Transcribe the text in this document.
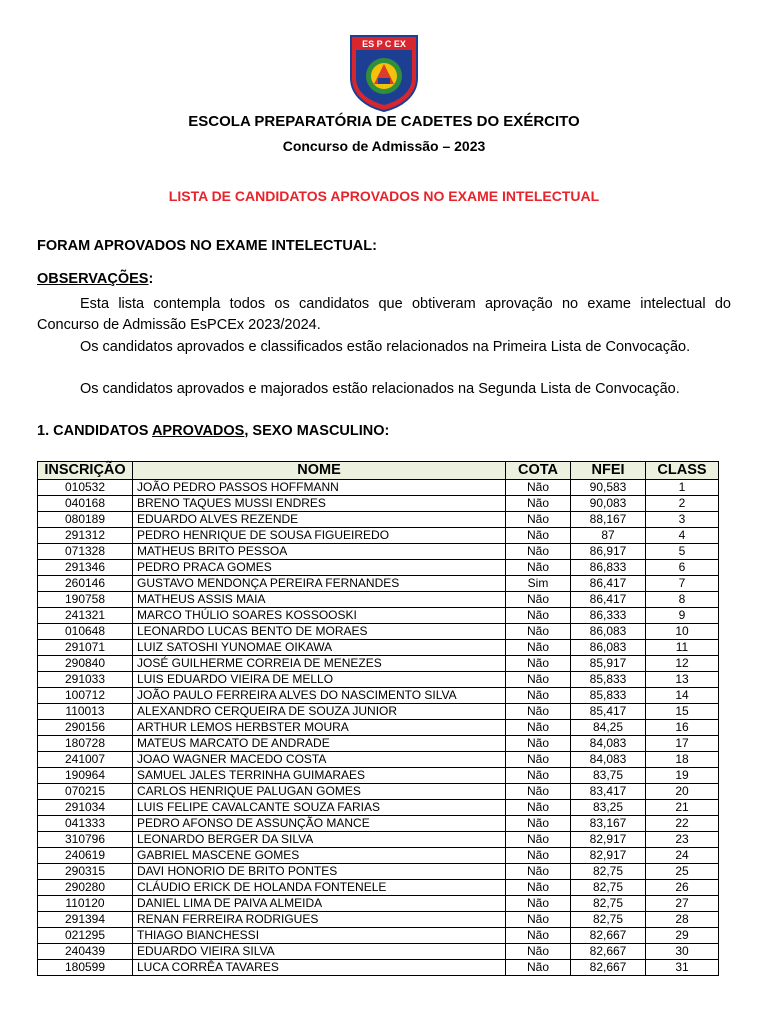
ES P C EX
ESCOLA PREPARATÓRIA DE CADETES DO EXÉRCITO
Concurso de Admissão – 2023
LISTA DE CANDIDATOS APROVADOS NO EXAME INTELECTUAL
FORAM APROVADOS NO EXAME INTELECTUAL:
OBSERVAÇÕES:
Esta lista contempla todos os candidatos que obtiveram aprovação no exame intelectual do Concurso de Admissão EsPCEx 2023/2024.
Os candidatos aprovados e classificados estão relacionados na Primeira Lista de Convocação.
Os candidatos aprovados e majorados estão relacionados na Segunda Lista de Convocação.
1. CANDIDATOS APROVADOS, SEXO MASCULINO:
INSCRIÇÃO	NOME	COTA	NFEI	CLASS
010532	JOÃO PEDRO PASSOS HOFFMANN	Não	90,583	1
040168	BRENO TAQUES MUSSI ENDRES	Não	90,083	2
080189	EDUARDO ALVES REZENDE	Não	88,167	3
291312	PEDRO HENRIQUE DE SOUSA FIGUEIREDO	Não	87	4
071328	MATHEUS BRITO PESSOA	Não	86,917	5
291346	PEDRO PRACA GOMES	Não	86,833	6
260146	GUSTAVO MENDONÇA PEREIRA FERNANDES	Sim	86,417	7
190758	MATHEUS ASSIS MAIA	Não	86,417	8
241321	MARCO THÚLIO SOARES KOSSOOSKI	Não	86,333	9
010648	LEONARDO LUCAS BENTO DE MORAES	Não	86,083	10
291071	LUIZ SATOSHI YUNOMAE OIKAWA	Não	86,083	11
290840	JOSÉ GUILHERME CORREIA DE MENEZES	Não	85,917	12
291033	LUIS EDUARDO VIEIRA DE MELLO	Não	85,833	13
100712	JOÃO PAULO FERREIRA ALVES DO NASCIMENTO SILVA	Não	85,833	14
110013	ALEXANDRO CERQUEIRA DE SOUZA JUNIOR	Não	85,417	15
290156	ARTHUR LEMOS HERBSTER MOURA	Não	84,25	16
180728	MATEUS MARCATO DE ANDRADE	Não	84,083	17
241007	JOAO WAGNER MACEDO COSTA	Não	84,083	18
190964	SAMUEL JALES TERRINHA GUIMARAES	Não	83,75	19
070215	CARLOS HENRIQUE PALUGAN GOMES	Não	83,417	20
291034	LUIS FELIPE CAVALCANTE SOUZA FARIAS	Não	83,25	21
041333	PEDRO AFONSO DE ASSUNÇÃO MANCE	Não	83,167	22
310796	LEONARDO BERGER DA SILVA	Não	82,917	23
240619	GABRIEL MASCENE GOMES	Não	82,917	24
290315	DAVI HONORIO DE BRITO PONTES	Não	82,75	25
290280	CLÁUDIO ERICK DE HOLANDA FONTENELE	Não	82,75	26
110120	DANIEL LIMA DE PAIVA ALMEIDA	Não	82,75	27
291394	RENAN FERREIRA RODRIGUES	Não	82,75	28
021295	THIAGO BIANCHESSI	Não	82,667	29
240439	EDUARDO VIEIRA SILVA	Não	82,667	30
180599	LUCA CORRÊA TAVARES	Não	82,667	31
